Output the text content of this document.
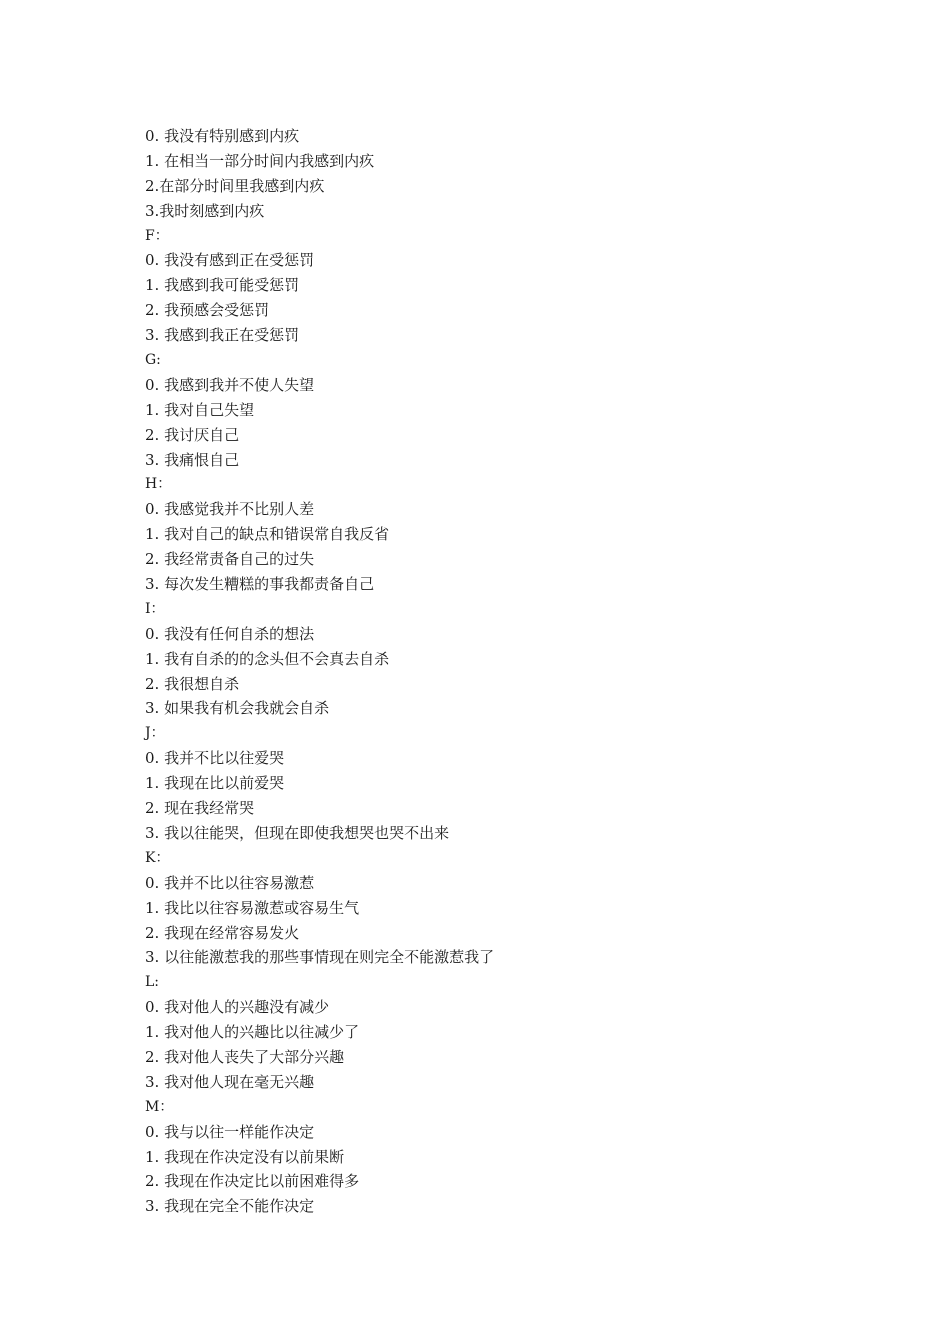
0. 我没有特别感到内疚
1. 在相当一部分时间内我感到内疚
2.在部分时间里我感到内疚
3.我时刻感到内疚
F：
0. 我没有感到正在受惩罚
1. 我感到我可能受惩罚
2. 我预感会受惩罚
3. 我感到我正在受惩罚
G:
0. 我感到我并不使人失望
1. 我对自己失望
2. 我讨厌自己
3. 我痛恨自己
H：
0. 我感觉我并不比别人差
1. 我对自己的缺点和错误常自我反省
2. 我经常责备自己的过失
3. 每次发生糟糕的事我都责备自己
I：
0. 我没有任何自杀的想法
1. 我有自杀的的念头但不会真去自杀
2. 我很想自杀
3. 如果我有机会我就会自杀
J：
0. 我并不比以往爱哭
1. 我现在比以前爱哭
2. 现在我经常哭
3. 我以往能哭，但现在即使我想哭也哭不出来
K：
0. 我并不比以往容易激惹
1. 我比以往容易激惹或容易生气
2. 我现在经常容易发火
3. 以往能激惹我的那些事情现在则完全不能激惹我了
L:
0. 我对他人的兴趣没有减少
1. 我对他人的兴趣比以往减少了
2. 我对他人丧失了大部分兴趣
3. 我对他人现在毫无兴趣
M：
0. 我与以往一样能作决定
1. 我现在作决定没有以前果断
2. 我现在作决定比以前困难得多
3. 我现在完全不能作决定
